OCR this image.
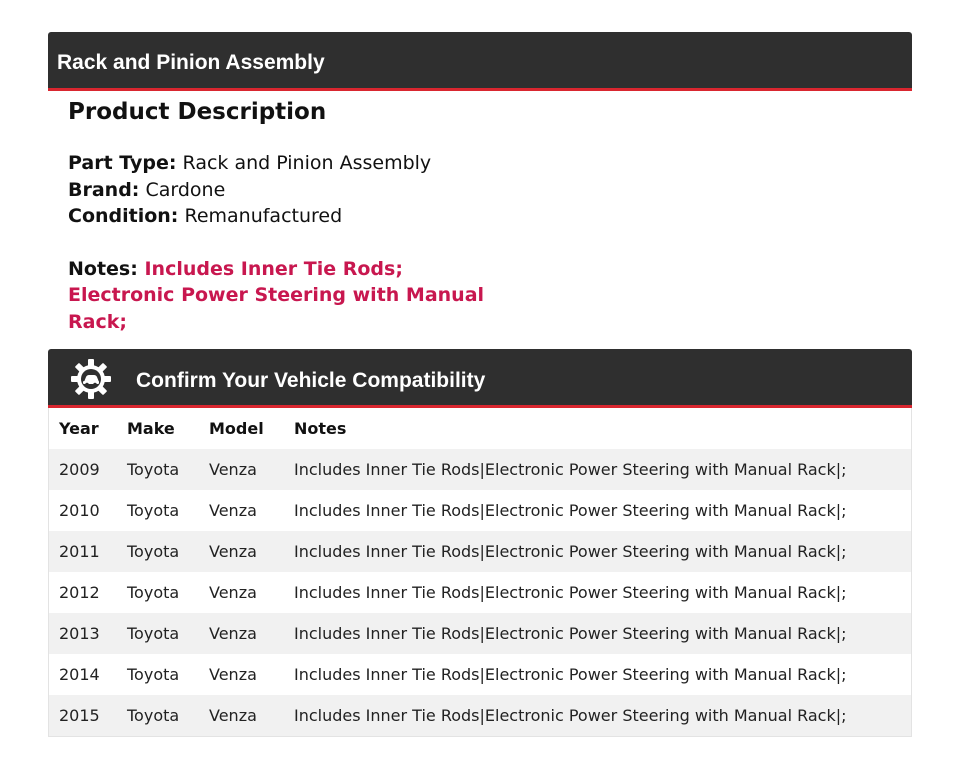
Rack and Pinion Assembly
Product Description
Part Type: Rack and Pinion Assembly
Brand: Cardone
Condition: Remanufactured
Notes: Includes Inner Tie Rods; Electronic Power Steering with Manual Rack;
Confirm Your Vehicle Compatibility
Year	Make	Model	Notes
2009	Toyota	Venza	Includes Inner Tie Rods|Electronic Power Steering with Manual Rack|;
2010	Toyota	Venza	Includes Inner Tie Rods|Electronic Power Steering with Manual Rack|;
2011	Toyota	Venza	Includes Inner Tie Rods|Electronic Power Steering with Manual Rack|;
2012	Toyota	Venza	Includes Inner Tie Rods|Electronic Power Steering with Manual Rack|;
2013	Toyota	Venza	Includes Inner Tie Rods|Electronic Power Steering with Manual Rack|;
2014	Toyota	Venza	Includes Inner Tie Rods|Electronic Power Steering with Manual Rack|;
2015	Toyota	Venza	Includes Inner Tie Rods|Electronic Power Steering with Manual Rack|;
